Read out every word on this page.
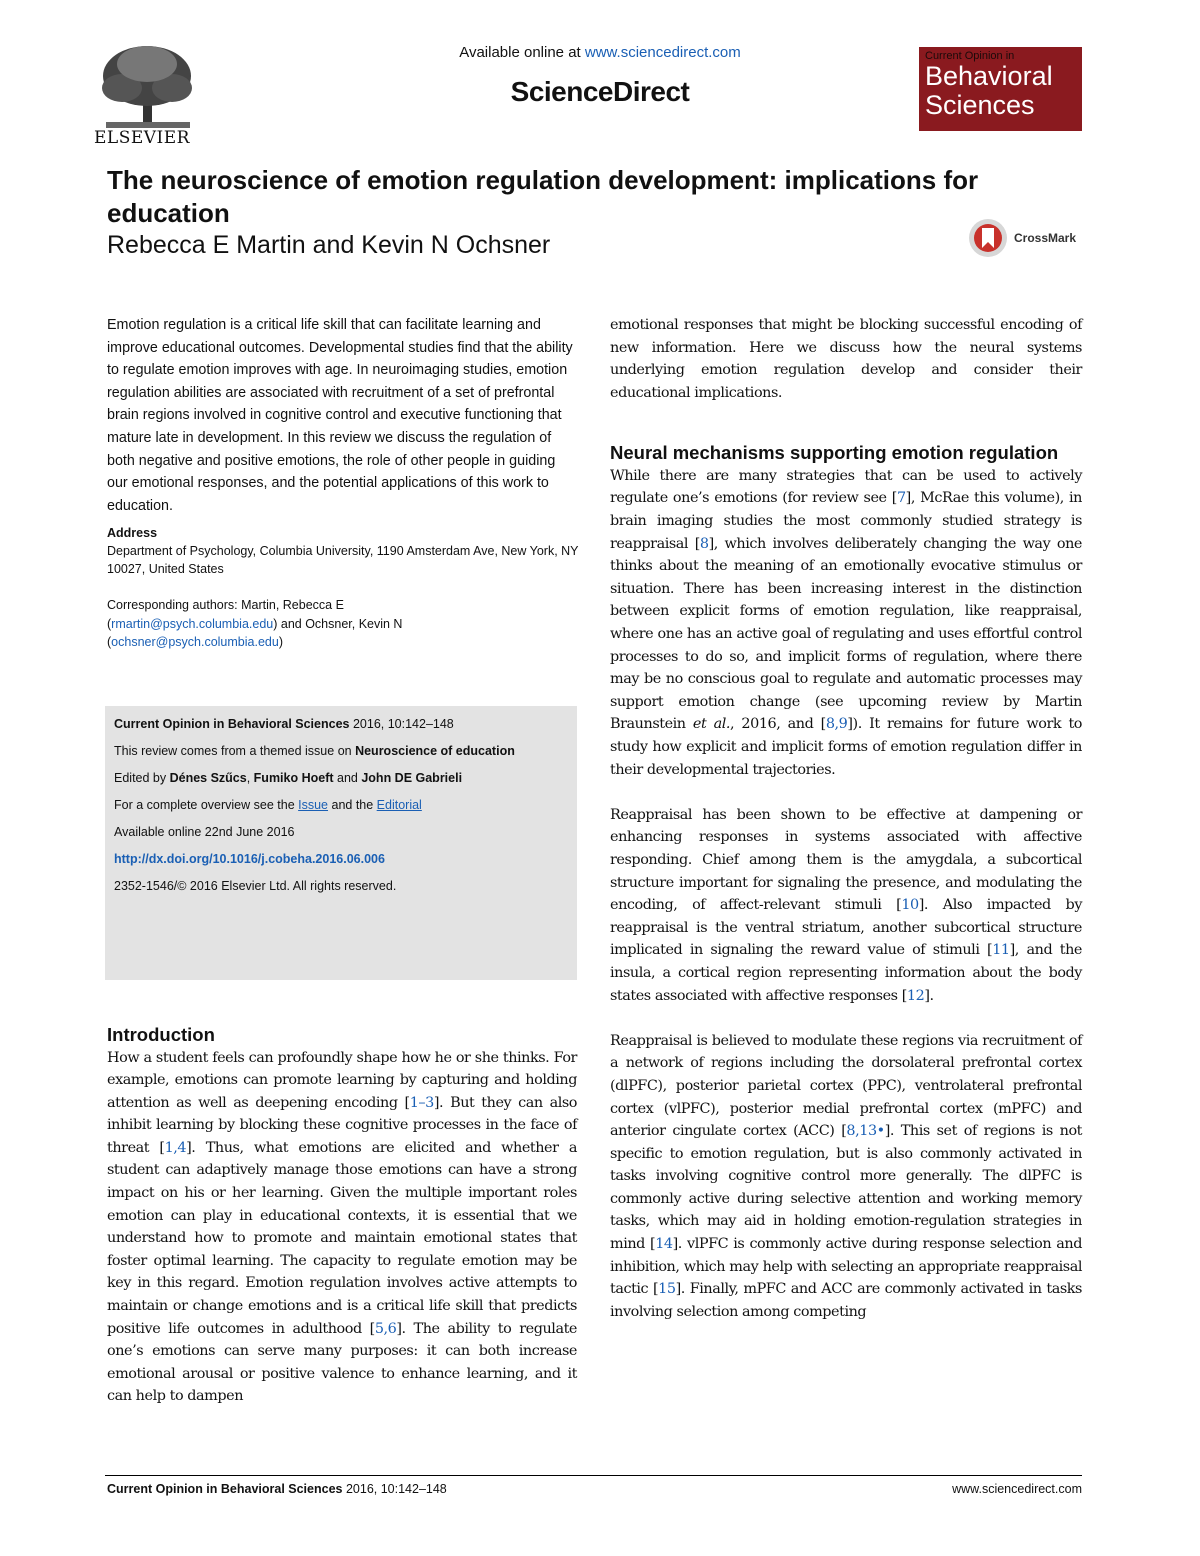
ELSEVIER
Available online at www.sciencedirect.com
ScienceDirect
Current Opinion in
Behavioral
Sciences
The neuroscience of emotion regulation development: implications for education
Rebecca E Martin and Kevin N Ochsner	CrossMark

Emotion regulation is a critical life skill that can facilitate learning and improve educational outcomes. Developmental studies find that the ability to regulate emotion improves with age. In neuroimaging studies, emotion regulation abilities are associated with recruitment of a set of prefrontal brain regions involved in cognitive control and executive functioning that mature late in development. In this review we discuss the regulation of both negative and positive emotions, the role of other people in guiding our emotional responses, and the potential applications of this work to education.

Address

Department of Psychology, Columbia University, 1190 Amsterdam Ave, New York, NY 10027, United States

Corresponding authors: Martin, Rebecca E
(rmartin@psych.columbia.edu) and Ochsner, Kevin N
(ochsner@psych.columbia.edu)

Current Opinion in Behavioral Sciences 2016, 10:142–148

This review comes from a themed issue on Neuroscience of education

Edited by Dénes Szűcs, Fumiko Hoeft and John DE Gabrieli

For a complete overview see the Issue and the Editorial

Available online 22nd June 2016

http://dx.doi.org/10.1016/j.cobeha.2016.06.006

2352-1546/© 2016 Elsevier Ltd. All rights reserved.

Introduction

How a student feels can profoundly shape how he or she thinks. For example, emotions can promote learning by capturing and holding attention as well as deepening encoding [1–3]. But they can also inhibit learning by blocking these cognitive processes in the face of threat [1,4]. Thus, what emotions are elicited and whether a student can adaptively manage those emotions can have a strong impact on his or her learning. Given the multiple important roles emotion can play in educational contexts, it is essential that we understand how to promote and maintain emotional states that foster optimal learning. The capacity to regulate emotion may be key in this regard. Emotion regulation involves active attempts to maintain or change emotions and is a critical life skill that predicts positive life outcomes in adulthood [5,6]. The ability to regulate one’s emotions can serve many purposes: it can both increase emotional arousal or positive valence to enhance learning, and it can help to dampen

emotional responses that might be blocking successful encoding of new information. Here we discuss how the neural systems underlying emotion regulation develop and consider their educational implications.

Neural mechanisms supporting emotion regulation

While there are many strategies that can be used to actively regulate one’s emotions (for review see [7], McRae this volume), in brain imaging studies the most commonly studied strategy is reappraisal [8], which involves deliberately changing the way one thinks about the meaning of an emotionally evocative stimulus or situation. There has been increasing interest in the distinction between explicit forms of emotion regulation, like reappraisal, where one has an active goal of regulating and uses effortful control processes to do so, and implicit forms of regulation, where there may be no conscious goal to regulate and automatic processes may support emotion change (see upcoming review by Martin Braunstein et al., 2016, and [8,9]). It remains for future work to study how explicit and implicit forms of emotion regulation differ in their developmental trajectories.

Reappraisal has been shown to be effective at dampening or enhancing responses in systems associated with affective responding. Chief among them is the amygdala, a subcortical structure important for signaling the presence, and modulating the encoding, of affect-relevant stimuli [10]. Also impacted by reappraisal is the ventral striatum, another subcortical structure implicated in signaling the reward value of stimuli [11], and the insula, a cortical region representing information about the body states associated with affective responses [12].

Reappraisal is believed to modulate these regions via recruitment of a network of regions including the dorsolateral prefrontal cortex (dlPFC), posterior parietal cortex (PPC), ventrolateral prefrontal cortex (vlPFC), posterior medial prefrontal cortex (mPFC) and anterior cingulate cortex (ACC) [8,13•]. This set of regions is not specific to emotion regulation, but is also commonly activated in tasks involving cognitive control more generally. The dlPFC is commonly active during selective attention and working memory tasks, which may aid in holding emotion-regulation strategies in mind [14]. vlPFC is commonly active during response selection and inhibition, which may help with selecting an appropriate reappraisal tactic [15]. Finally, mPFC and ACC are commonly activated in tasks involving selection among competing

Current Opinion in Behavioral Sciences 2016, 10:142–148	www.sciencedirect.com
